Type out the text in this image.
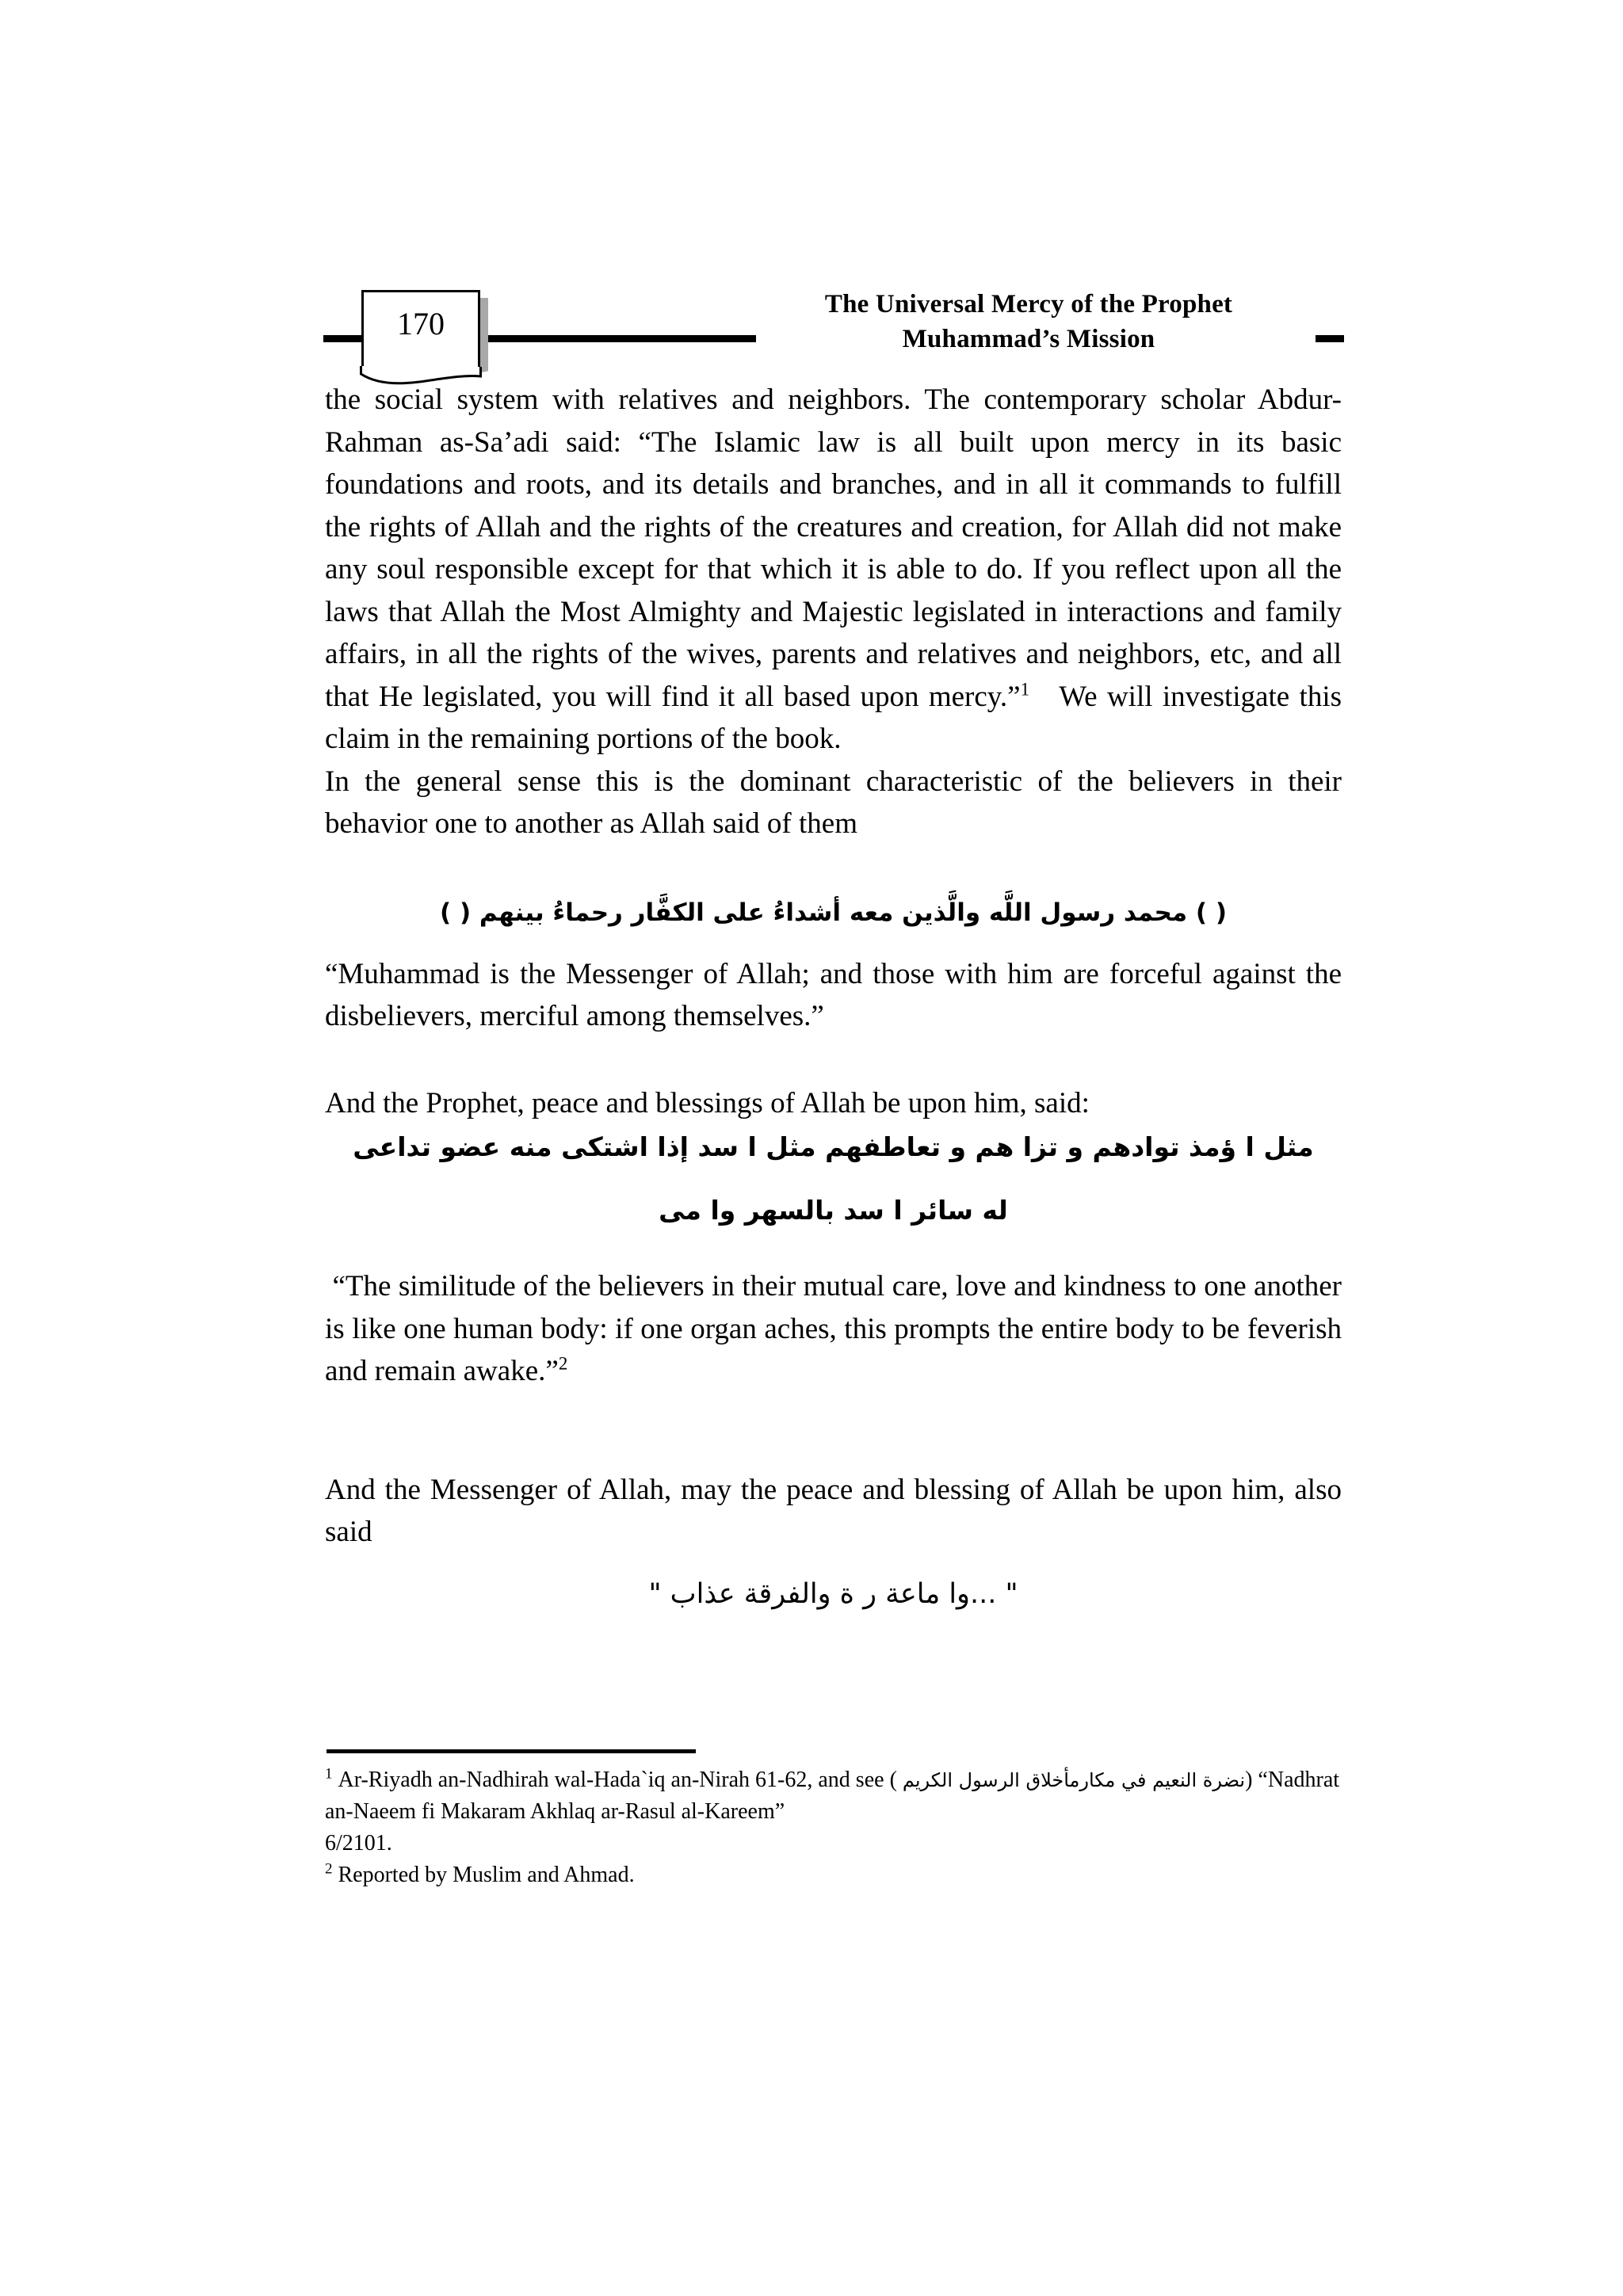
170
The Universal Mercy of the Prophet
Muhammad’s Mission

the social system with relatives and neighbors. The contemporary scholar Abdur-Rahman as-Sa’adi said: “The Islamic law is all built upon mercy in its basic foundations and roots, and its details and branches, and in all it commands to fulfill the rights of Allah and the rights of the creatures and creation, for Allah did not make any soul responsible except for that which it is able to do. If you reflect upon all the laws that Allah the Most Almighty and Majestic legislated in interactions and family affairs, in all the rights of the wives, parents and relatives and neighbors, etc, and all that He legislated, you will find it all based upon mercy.”$^1$ We will investigate this claim in the remaining portions of the book.

In the general sense this is the dominant characteristic of the believers in their behavior one to another as Allah said of them

( ) محمد رسول اللَّه والَّذين معه أشداءُ على الكفَّار رحماءُ بينهم ( )

“Muhammad is the Messenger of Allah; and those with him are forceful against the disbelievers, merciful among themselves.”

And the Prophet, peace and blessings of Allah be upon him, said:

مثل ا ؤمذ توادهم و تزا هم و تعاطفهم مثل ا سد إذا اشتكى منه عضو تداعى

له سائر ا سد بالسهر وا مى

“The similitude of the believers in their mutual care, love and kindness to one another is like one human body: if one organ aches, this prompts the entire body to be feverish and remain awake.”$^2$

And the Messenger of Allah, may the peace and blessing of Allah be upon him, also said

" ...وا ماعة ر ة والفرقة عذاب "

$^1$ Ar-Riyadh an-Nadhirah wal-Hada`iq an-Nirah 61-62, and see (	نضرة النعيم في مكارمأخلاق الرسول الكريم	) “Nadhrat an-Naeem fi Makaram Akhlaq ar-Rasul al-Kareem”

6/2101.

$^2$ Reported by Muslim and Ahmad.
